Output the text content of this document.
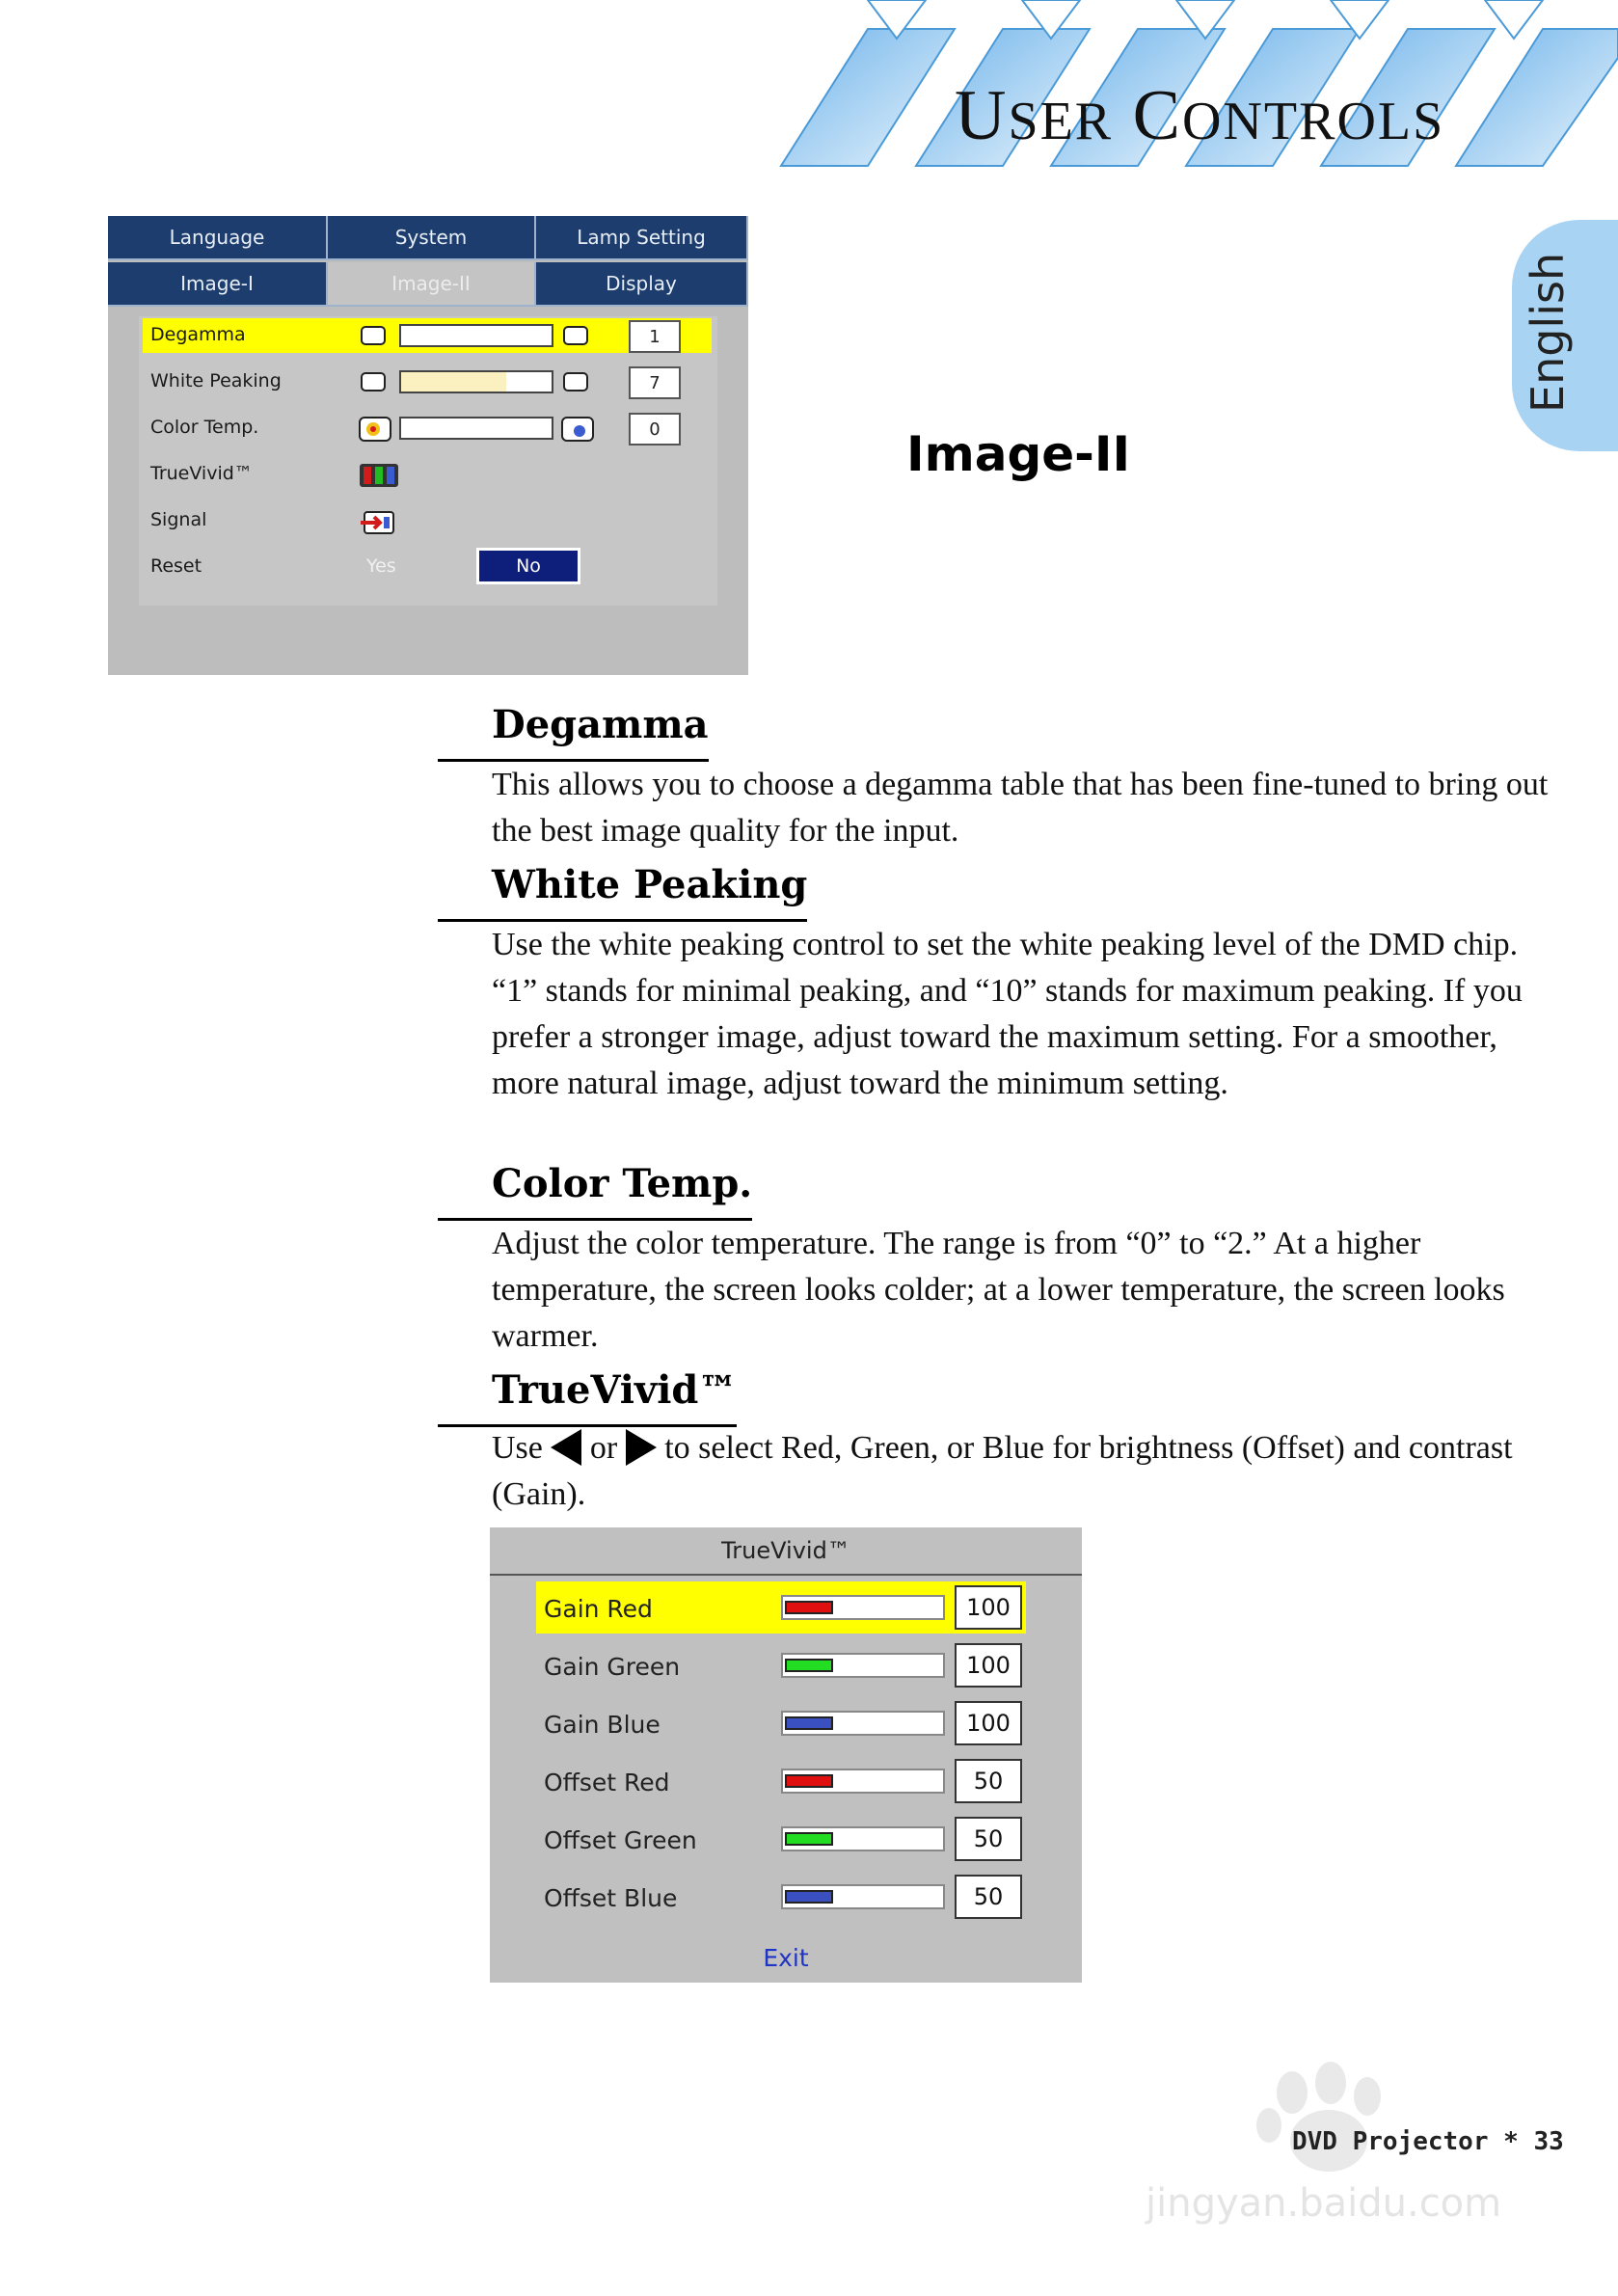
USER CONTROLS
English
Language	System	Lamp Setting
Image-I	Image-II	Display
Degamma	1
White Peaking	7
Color Temp.	0
TrueVivid™
Signal
Reset	Yes	No
Image-II
Degamma
This allows you to choose a degamma table that has been fine-tuned to bring out the best image quality for the input.
White Peaking
Use the white peaking control to set the white peaking level of the DMD chip. “1” stands for minimal peaking, and “10” stands for maximum peaking. If you prefer a stronger image, adjust toward the maximum setting. For a smoother, more natural image, adjust toward the minimum setting.
Color Temp.
Adjust the color temperature. The range is from “0” to “2.” At a higher temperature, the screen looks colder; at a lower temperature, the screen looks warmer.
TrueVivid™
Use or to select Red, Green, or Blue for brightness (Offset) and contrast (Gain).
TrueVivid™
Gain Red	100
Gain Green	100
Gain Blue	100
Offset Red	50
Offset Green	50
Offset Blue	50
Exit
DVD Projector * 33
jingyan.baidu.com
